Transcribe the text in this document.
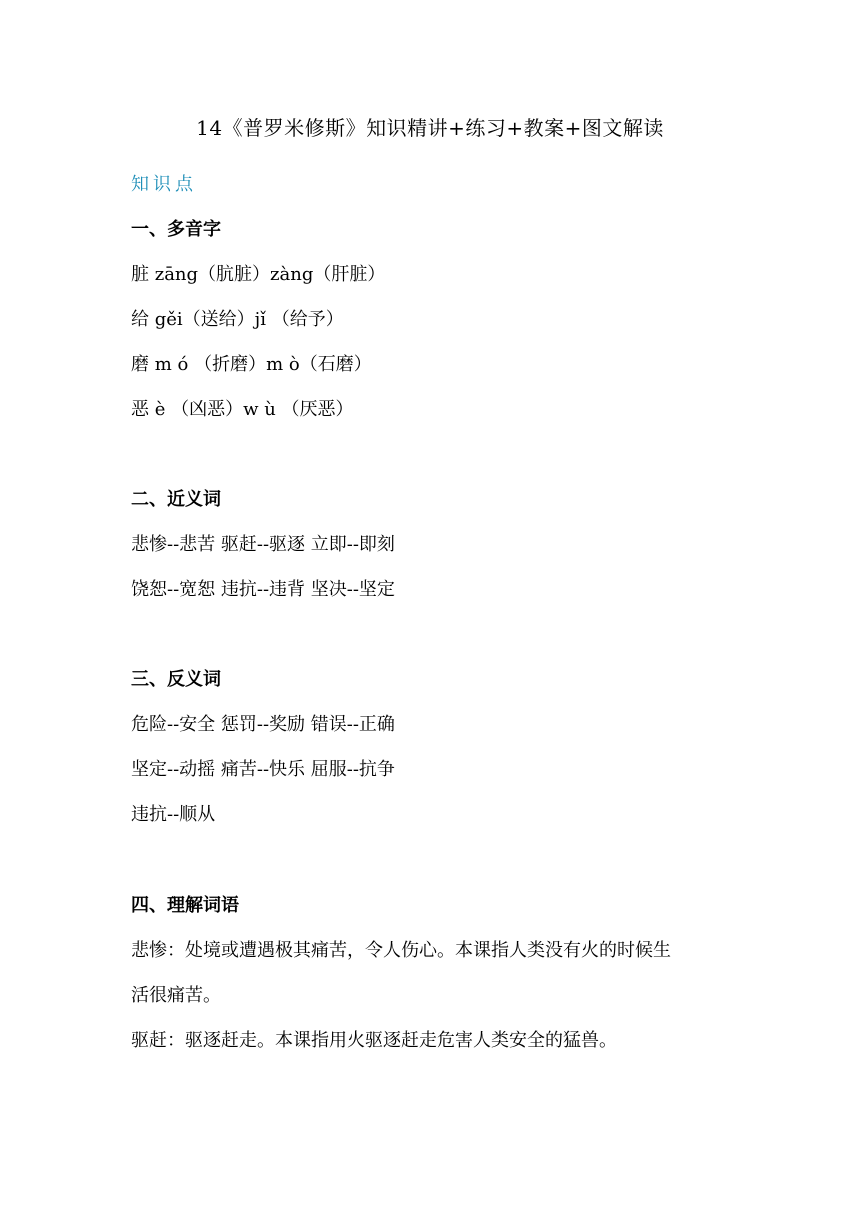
14《普罗米修斯》知识精讲+练习+教案+图文解读
知识点
一、多音字
脏 zāng（肮脏）zàng（肝脏）
给 gěi（送给）jǐ （给予）
磨 m ó （折磨）m ò（石磨）
恶 è （凶恶）w ù （厌恶）
二、近义词
悲惨--悲苦 驱赶--驱逐 立即--即刻
饶恕--宽恕 违抗--违背 坚决--坚定
三、反义词
危险--安全 惩罚--奖励 错误--正确
坚定--动摇 痛苦--快乐 屈服--抗争
违抗--顺从
四、理解词语
悲惨：处境或遭遇极其痛苦，令人伤心。本课指人类没有火的时候生
活很痛苦。
驱赶：驱逐赶走。本课指用火驱逐赶走危害人类安全的猛兽。
